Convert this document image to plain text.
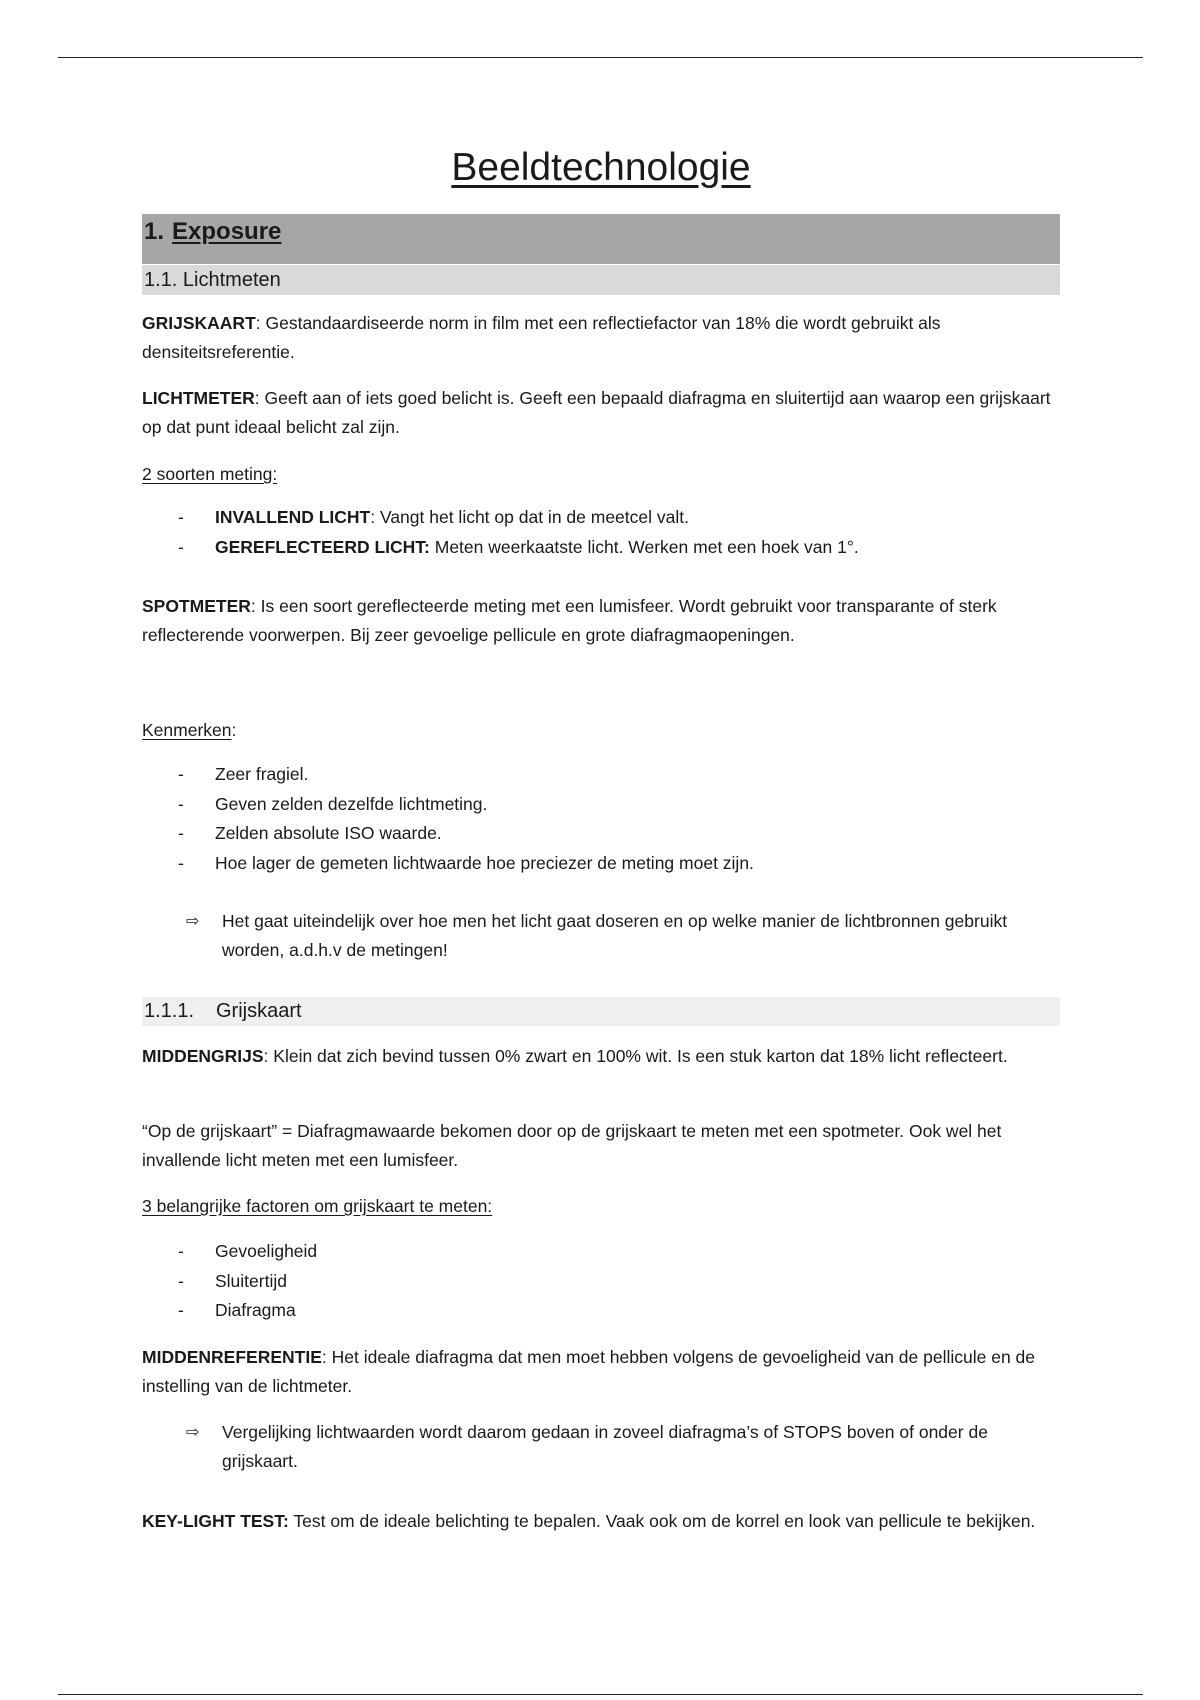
Beeldtechnologie
1. Exposure
1.1. Lichtmeten

GRIJSKAART: Gestandaardiseerde norm in film met een reflectiefactor van 18% die wordt gebruikt als densiteitsreferentie.

LICHTMETER: Geeft aan of iets goed belicht is. Geeft een bepaald diafragma en sluitertijd aan waarop een grijskaart op dat punt ideaal belicht zal zijn.

2 soorten meting:

- INVALLEND LICHT: Vangt het licht op dat in de meetcel valt.
- GEREFLECTEERD LICHT: Meten weerkaatste licht. Werken met een hoek van 1°.

SPOTMETER: Is een soort gereflecteerde meting met een lumisfeer. Wordt gebruikt voor transparante of sterk reflecterende voorwerpen. Bij zeer gevoelige pellicule en grote diafragmaopeningen.

Kenmerken:

- Zeer fragiel.
- Geven zelden dezelfde lichtmeting.
- Zelden absolute ISO waarde.
- Hoe lager de gemeten lichtwaarde hoe preciezer de meting moet zijn.
⇨ Het gaat uiteindelijk over hoe men het licht gaat doseren en op welke manier de lichtbronnen gebruikt worden, a.d.h.v de metingen!
1.1.1. Grijskaart

MIDDENGRIJS: Klein dat zich bevind tussen 0% zwart en 100% wit. Is een stuk karton dat 18% licht reflecteert.

“Op de grijskaart” = Diafragmawaarde bekomen door op de grijskaart te meten met een spotmeter. Ook wel het invallende licht meten met een lumisfeer.

3 belangrijke factoren om grijskaart te meten:

- Gevoeligheid
- Sluitertijd
- Diafragma

MIDDENREFERENTIE: Het ideale diafragma dat men moet hebben volgens de gevoeligheid van de pellicule en de instelling van de lichtmeter.

⇨ Vergelijking lichtwaarden wordt daarom gedaan in zoveel diafragma’s of STOPS boven of onder de grijskaart.

KEY-LIGHT TEST: Test om de ideale belichting te bepalen. Vaak ook om de korrel en look van pellicule te bekijken.
